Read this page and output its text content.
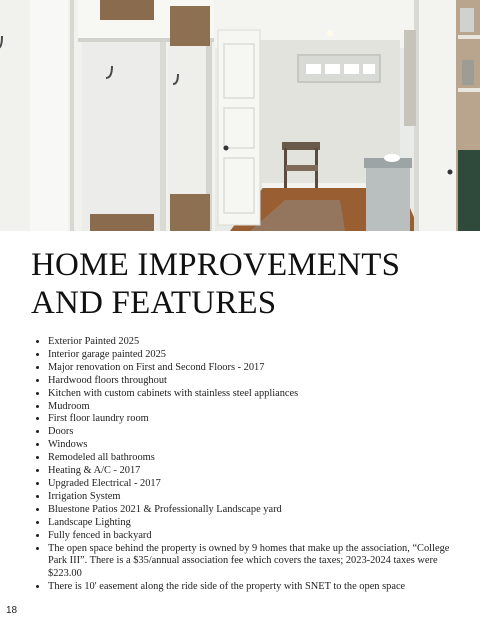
HOME IMPROVEMENTS
AND FEATURES
• Exterior Painted 2025
• Interior garage painted 2025
• Major renovation on First and Second Floors - 2017
• Hardwood floors throughout
• Kitchen with custom cabinets with stainless steel appliances
• Mudroom
• First floor laundry room
• Doors
• Windows
• Remodeled all bathrooms
• Heating & A/C - 2017
• Upgraded Electrical - 2017
• Irrigation System
• Bluestone Patios 2021 & Professionally Landscape yard
• Landscape Lighting
• Fully fenced in backyard
• The open space behind the property is owned by 9 homes that make up the association, “College Park III”. There is a $35/annual association fee which covers the taxes; 2023-2024 taxes were $223.00
• There is 10' easement along the ride side of the property with SNET to the open space
18
